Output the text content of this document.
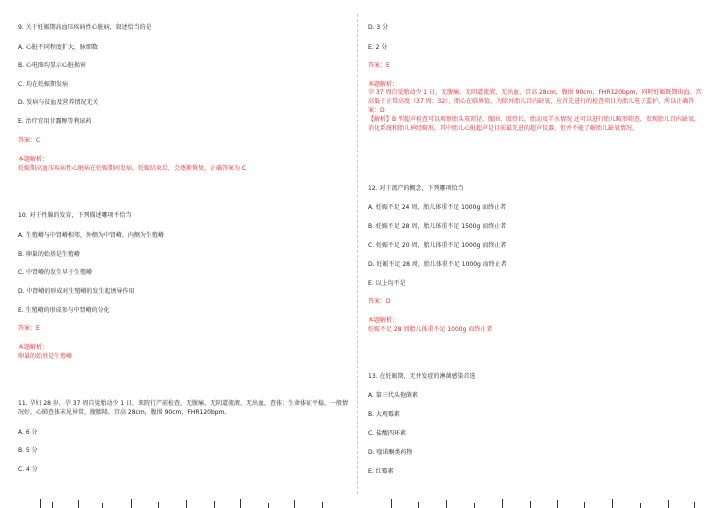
9. 关于妊娠期高血压疾病性心脏病，叙述恰当的是
A. 心脏不同程度扩大，脉细数
B. 心电图均显示心脏损害
C. 均在妊娠期发病
D. 发病与贫血及营养情况无关
E. 治疗宜用甘露醇等利尿药
答案：C
本题解析：
妊娠期高血压疾病性心脏病在妊娠期间发病，妊娠结束后，会逐渐恢复。正确答案为 C
10. 对于性腺的发育，下列描述哪项不恰当
A. 生殖嵴与中肾嵴相邻，外侧为中肾嵴，内侧为生殖嵴
B. 卵巢的始基是生殖嵴
C. 中肾嵴的发生早于生殖嵴
D. 中肾嵴的形成对生殖嵴的发生起诱导作用
E. 生殖嵴的形成参与中肾嵴的分化
答案：E
本题解析：
卵巢的始基是生殖嵴
11. 孕妇 28 岁，孕 37 周自觉胎动少 1 日，来院行产前检查，无腹痛、无阴道流液、无出血，查体：生命体征平稳，一般情况好，心肺查体未见异常，腹膨隆，宫高 28cm，腹围 90cm，FHR120bpm。
A. 6 分
B. 5 分
C. 4 分
D. 3 分
E. 2 分
答案：E
本题解析：
孕 37 周自觉胎动少 1 日，无腹痛、无阴道流液、无出血、宫高 28cm，腹围 90cm，FHR120bpm，同时妊娠既期出血、宫高低于正常高度（37 周：32），胎心在临界值，为除外胎儿宫内缺氧，应首先进行的检查项目为胎儿电子监护。所以正确答案：D
【解析】B 型超声检查可以观察胎头双顶径、腹围、股骨长，胎动及羊水情况 还可以进行胎儿畸形筛查，发现胎儿宫内缺氧，消化系统和胎儿神经畸形，其中胎儿心脏超声是目前最先进的超声仪器，但并不能了解胎儿缺氧情况。
12. 对于流产的概念，下列哪项恰当
A. 妊娠不足 24 周，胎儿体重不足 1000g 而终止者
B. 妊娠不足 28 周，胎儿体重不足 1500g 而终止者
C. 妊娠不足 20 周，胎儿体重不足 1000g 而终止者
D. 妊娠不足 28 周，胎儿体重不足 1000g 而终止者
E. 以上均不是
答案：D
本题解析：
妊娠不足 28 周胎儿体重不足 1000g 而终止者
13. 在妊娠期，无并发症的淋菌感染首选
A. 第三代头孢菌素
B. 大观霉素
C. 盐酸四环素
D. 喹诺酮类药物
E. 红霉素
